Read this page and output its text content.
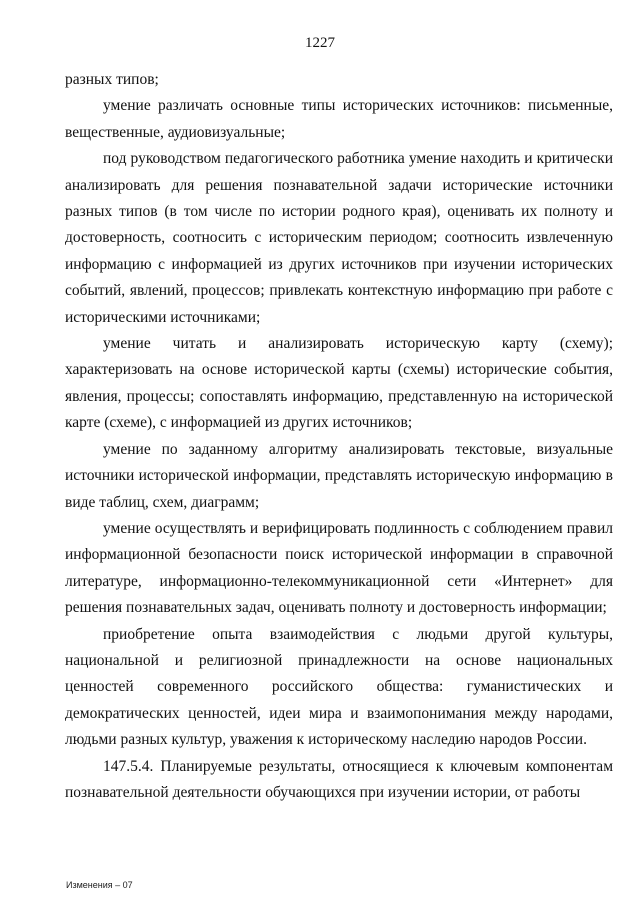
1227

разных типов;

умение различать основные типы исторических источников: письменные, вещественные, аудиовизуальные;

под руководством педагогического работника умение находить и критически анализировать для решения познавательной задачи исторические источники разных типов (в том числе по истории родного края), оценивать их полноту и достоверность, соотносить с историческим периодом; соотносить извлеченную информацию с информацией из других источников при изучении исторических событий, явлений, процессов; привлекать контекстную информацию при работе с историческими источниками;

умение читать и анализировать историческую карту (схему); характеризовать на основе исторической карты (схемы) исторические события, явления, процессы; сопоставлять информацию, представленную на исторической карте (схеме), с информацией из других источников;

умение по заданному алгоритму анализировать текстовые, визуальные источники исторической информации, представлять историческую информацию в виде таблиц, схем, диаграмм;

умение осуществлять и верифицировать подлинность с соблюдением правил информационной безопасности поиск исторической информации в справочной литературе, информационно-телекоммуникационной сети «Интернет» для решения познавательных задач, оценивать полноту и достоверность информации;

приобретение опыта взаимодействия с людьми другой культуры, национальной и религиозной принадлежности на основе национальных ценностей современного российского общества: гуманистических и демократических ценностей, идеи мира и взаимопонимания между народами, людьми разных культур, уважения к историческому наследию народов России.

147.5.4. Планируемые результаты, относящиеся к ключевым компонентам познавательной деятельности обучающихся при изучении истории, от работы

Изменения – 07
